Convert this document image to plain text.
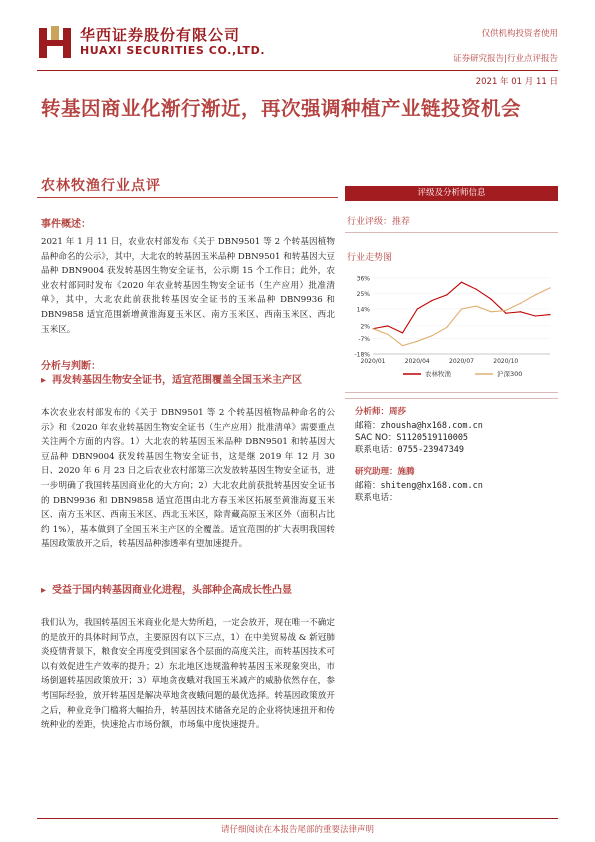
华西证券股份有限公司
HUAXI SECURITIES CO.,LTD.
仅供机构投资者使用
证券研究报告|行业点评报告
2021 年 01 月 11 日
转基因商业化渐行渐近，再次强调种植产业链投资机会
农林牧渔行业点评
事件概述：
2021 年 1 月 11 日，农业农村部发布《关于 DBN9501 等 2 个转基因植物品种命名的公示》，其中，大北农的转基因玉米品种 DBN9501 和转基因大豆品种 DBN9004 获发转基因生物安全证书，公示期 15 个工作日；此外，农业农村部同时发布《2020 年农业转基因生物安全证书（生产应用）批准清单》，其中，大北农此前获批转基因安全证书的玉米品种 DBN9936 和 DBN9858 适宜范围新增黄淮海夏玉米区、南方玉米区、西南玉米区、西北玉米区。
分析与判断：
▸ 再发转基因生物安全证书，适宜范围覆盖全国玉米主产区
本次农业农村部发布的《关于 DBN9501 等 2 个转基因植物品种命名的公示》和《2020 年农业转基因生物安全证书（生产应用）批准清单》需要重点关注两个方面的内容。1）大北农的转基因玉米品种 DBN9501 和转基因大豆品种 DBN9004 获发转基因生物安全证书，这是继 2019 年 12 月 30 日、2020 年 6 月 23 日之后农业农村部第三次发放转基因生物安全证书，进一步明确了我国转基因商业化的大方向；2）大北农此前获批转基因安全证书的 DBN9936 和 DBN9858 适宜范围由北方春玉米区拓展至黄淮海夏玉米区、南方玉米区、西南玉米区、西北玉米区，除青藏高原玉米区外（面积占比约 1%），基本做到了全国玉米主产区的全覆盖。适宜范围的扩大表明我国转基因政策放开之后，转基因品种渗透率有望加速提升。
▸ 受益于国内转基因商业化进程，头部种企高成长性凸显
我们认为，我国转基因玉米商业化是大势所趋，一定会放开，现在唯一不确定的是放开的具体时间节点，主要原因有以下三点，1）在中美贸易战 & 新冠肺炎疫情背景下，粮食安全再度受到国家各个层面的高度关注，而转基因技术可以有效促进生产效率的提升；2）东北地区违规滥种转基因玉米现象突出，市场倒逼转基因政策放开；3）草地贪夜蛾对我国玉米减产的威胁依然存在，参考国际经验，放开转基因是解决草地贪夜蛾问题的最优选择。转基因政策放开之后，种业竞争门槛将大幅抬升，转基因技术储备充足的企业将快速扭开和传统种业的差距，快速抢占市场份额，市场集中度快速提升。
评级及分析师信息
行业评级：推荐
行业走势图
36%
25%
14%
2%
-7%
-18%
2020/01	2020/04	2020/07	2020/10
农林牧渔	沪深300
分析师：周莎
邮箱：zhousha@hx168.com.cn
SAC NO：S1120519110005
联系电话：0755-23947349
研究助理：施腾
邮箱：shiteng@hx168.com.cn
联系电话：
请仔细阅读在本报告尾部的重要法律声明
